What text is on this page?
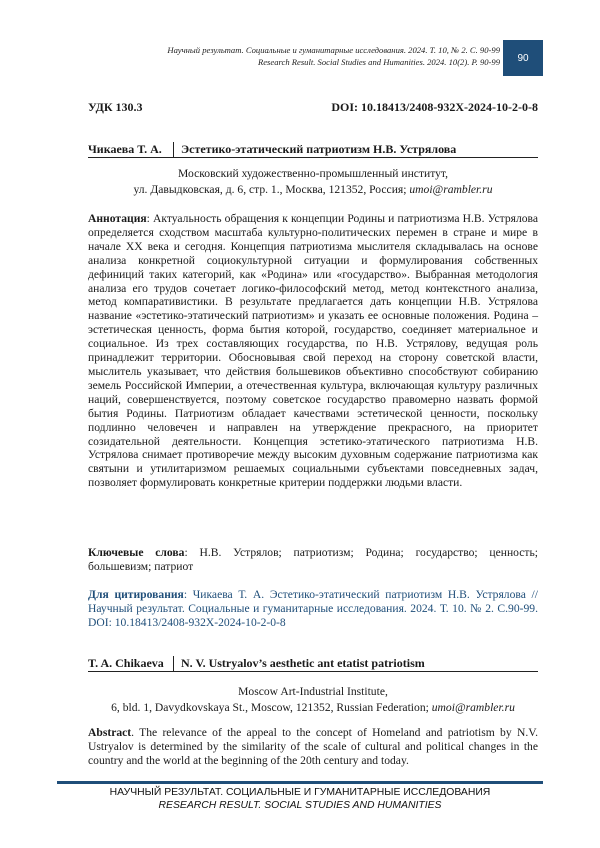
Научный результат. Социальные и гуманитарные исследования. 2024. Т. 10, № 2. С. 90-99
Research Result. Social Studies and Humanities. 2024. 10(2). P. 90-99	90
УДК 130.3	DOI: 10.18413/2408-932X-2024-10-2-0-8
Чикаева Т. А.	Эстетико-этатический патриотизм Н.В. Устрялова
Московский художественно-промышленный институт,
ул. Давыдковская, д. 6, стр. 1., Москва, 121352, Россия; umoi@rambler.ru
Аннотация: Актуальность обращения к концепции Родины и патриотизма Н.В. Устрялова определяется сходством масштаба культурно-политических перемен в стране и мире в начале XX века и сегодня. Концепция патриотизма мыслителя складывалась на основе анализа конкретной социокультурной ситуации и формулирования собственных дефиниций таких категорий, как «Родина» или «государство». Выбранная методология анализа его трудов сочетает логико-философский метод, метод контекстного анализа, метод компаративистики. В результате предлагается дать концепции Н.В. Устрялова название «эстетико-этатический патриотизм» и указать ее основные положения. Родина – эстетическая ценность, форма бытия которой, государство, соединяет материальное и социальное. Из трех составляющих государства, по Н.В. Устрялову, ведущая роль принадлежит территории. Обосновывая свой переход на сторону советской власти, мыслитель указывает, что действия большевиков объективно способствуют собиранию земель Российской Империи, а отечественная культура, включающая культуру различных наций, совершенствуется, поэтому советское государство правомерно назвать формой бытия Родины. Патриотизм обладает качествами эстетической ценности, поскольку подлинно человечен и направлен на утверждение прекрасного, на приоритет созидательной деятельности. Концепция эстетико-этатического патриотизма Н.В. Устрялова снимает противоречие между высоким духовным содержание патриотизма как святыни и утилитаризмом решаемых социальными субъектами повседневных задач, позволяет формулировать конкретные критерии поддержки людьми власти.
Ключевые слова: Н.В. Устрялов; патриотизм; Родина; государство; ценность; большевизм; патриот
Для цитирования: Чикаева Т. А. Эстетико-этатический патриотизм Н.В. Устрялова // Научный результат. Социальные и гуманитарные исследования. 2024. Т. 10. № 2. С.90-99. DOI: 10.18413/2408-932X-2024-10-2-0-8
T. A. Chikaeva	N. V. Ustryalov’s aesthetic ant etatist patriotism
Moscow Art-Industrial Institute,
6, bld. 1, Davydkovskaya St., Moscow, 121352, Russian Federation; umoi@rambler.ru
Abstract. The relevance of the appeal to the concept of Homeland and patriotism by N.V. Ustryalov is determined by the similarity of the scale of cultural and political changes in the country and the world at the beginning of the 20th century and today.
НАУЧНЫЙ РЕЗУЛЬТАТ. СОЦИАЛЬНЫЕ И ГУМАНИТАРНЫЕ ИССЛЕДОВАНИЯ
RESEARCH RESULT. SOCIAL STUDIES AND HUMANITIES
